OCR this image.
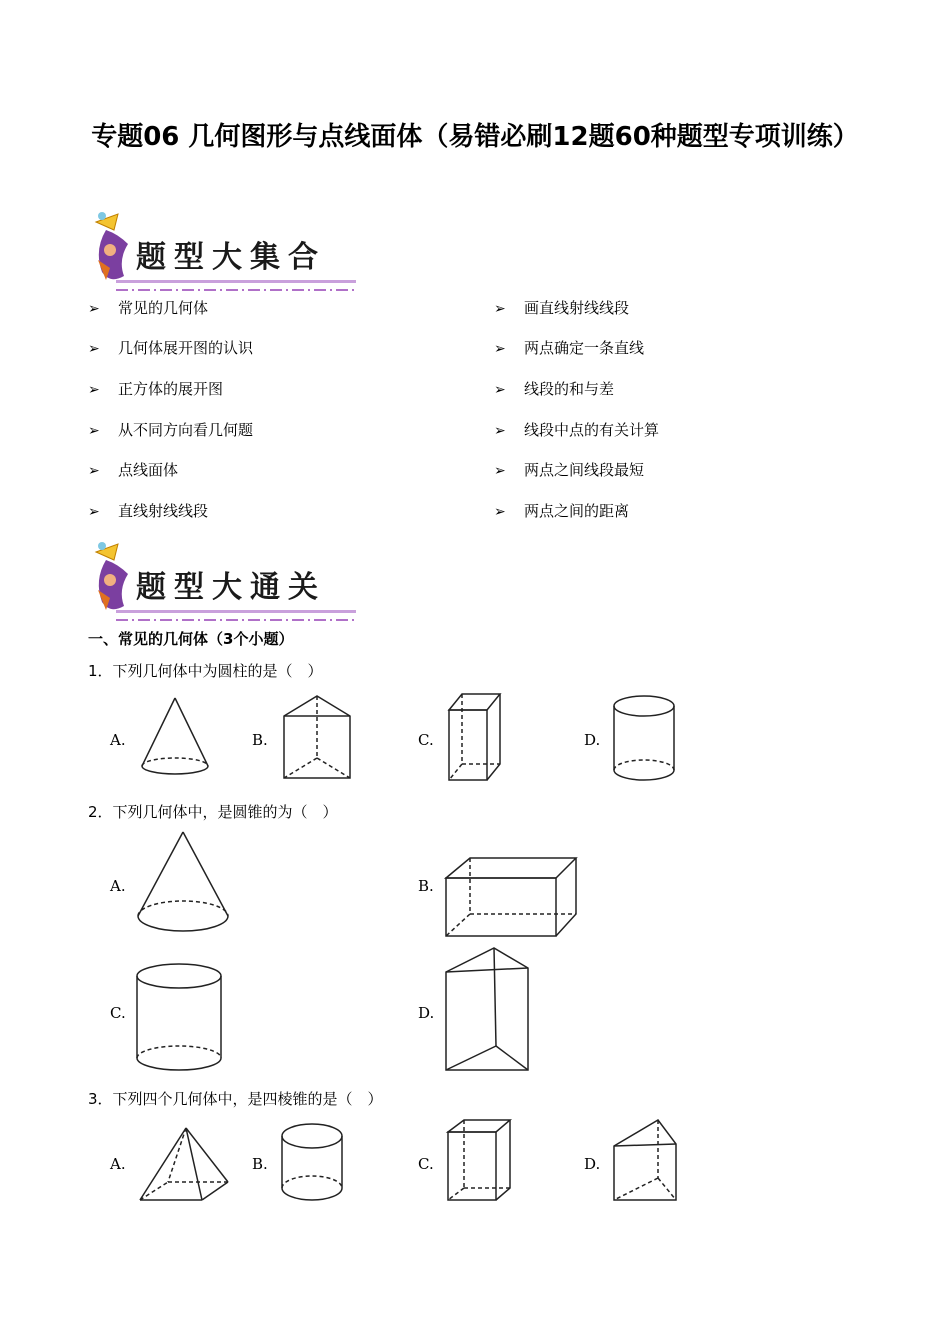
专题06 几何图形与点线面体（易错必刷12题60种题型专项训练）
题型大集合
➢ 常见的几何体
➢ 几何体展开图的认识
➢ 正方体的展开图
➢ 从不同方向看几何题
➢ 点线面体
➢ 直线射线线段
➢ 画直线射线线段
➢ 两点确定一条直线
➢ 线段的和与差
➢ 线段中点的有关计算
➢ 两点之间线段最短
➢ 两点之间的距离
题型大通关
一、常见的几何体（3个小题）
1．下列几何体中为圆柱的是（　）
A.	B.	C.	D.
2．下列几何体中，是圆锥的为（　）
A.	B.
C.	D.
3．下列四个几何体中，是四棱锥的是（　）
A.	B.	C.	D.
